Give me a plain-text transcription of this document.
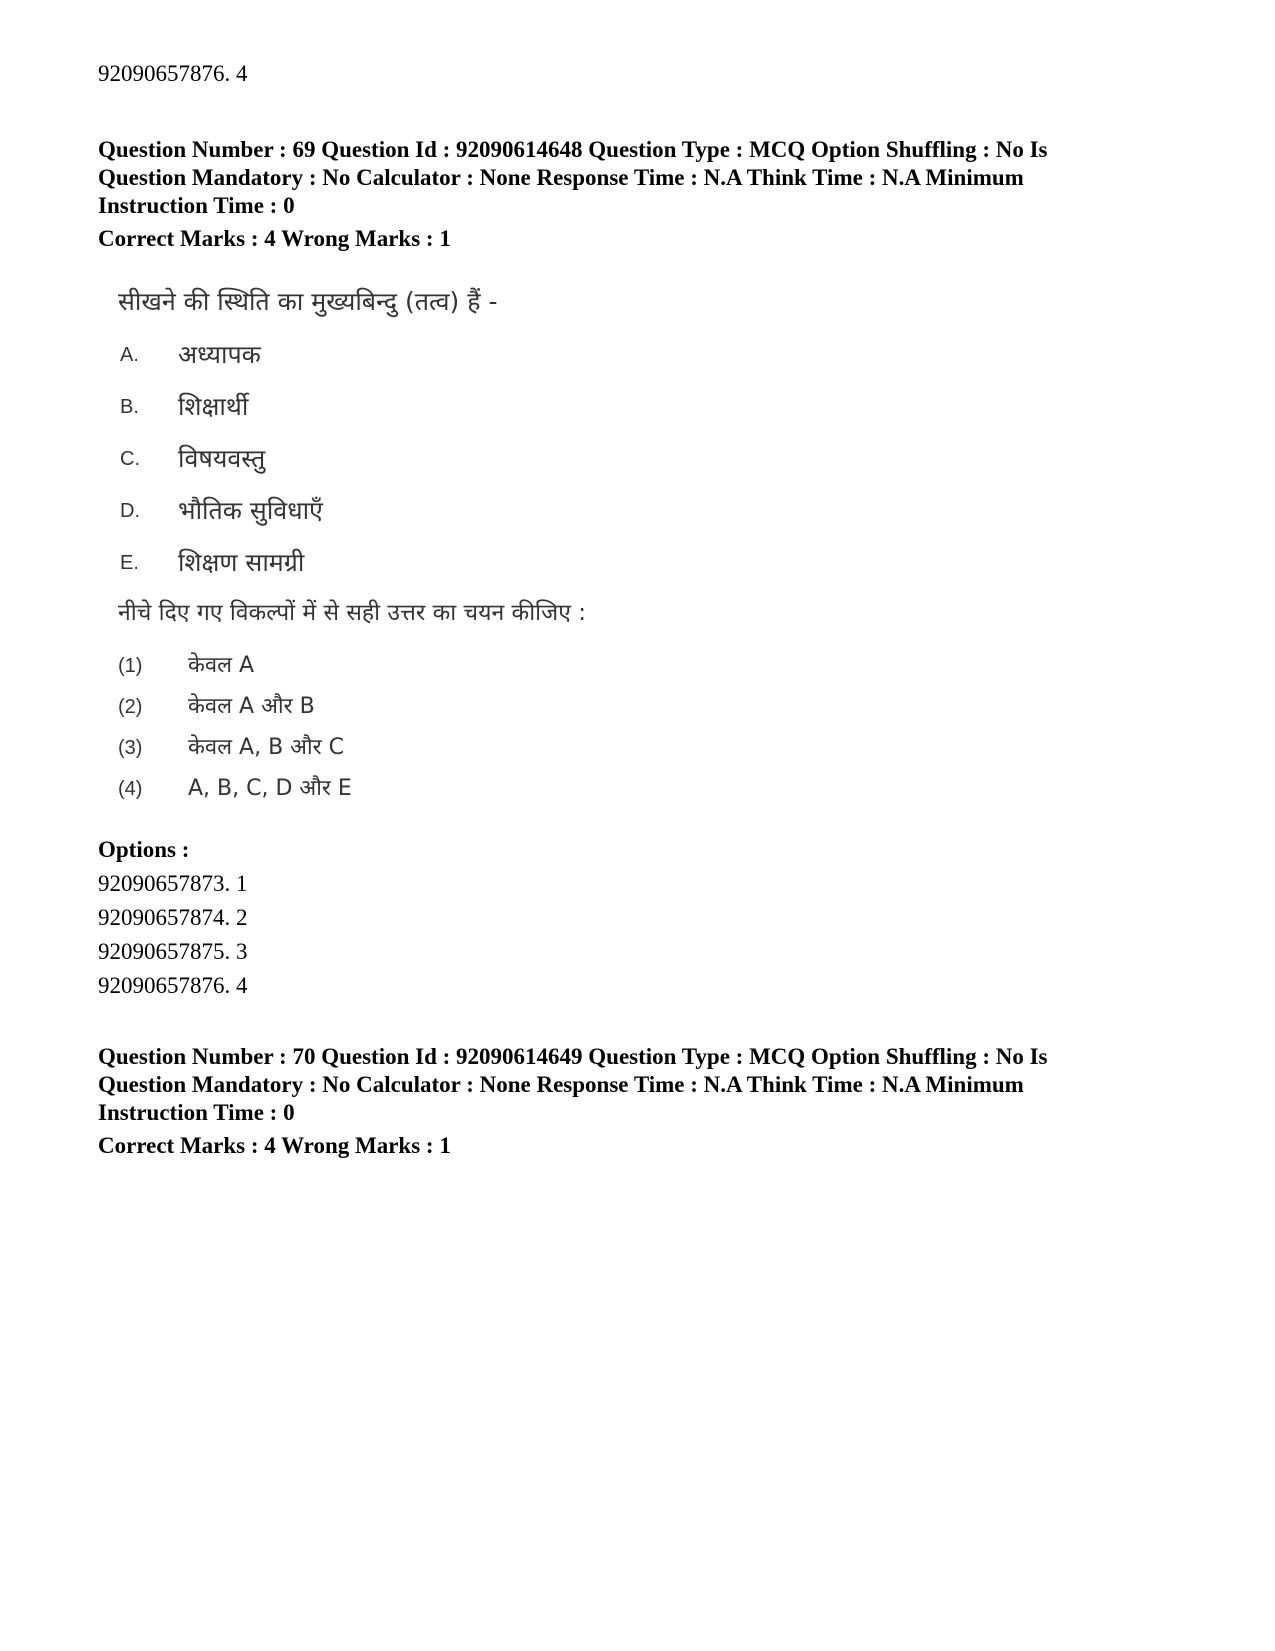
92090657876. 4
Question Number : 69 Question Id : 92090614648 Question Type : MCQ Option Shuffling : No Is
Question Mandatory : No Calculator : None Response Time : N.A Think Time : N.A Minimum
Instruction Time : 0
Correct Marks : 4 Wrong Marks : 1
सीखने की स्थिति का मुख्यबिन्दु (तत्व) हैं -
A. अध्यापक
B. शिक्षार्थी
C. विषयवस्तु
D. भौतिक सुविधाएँ
E. शिक्षण सामग्री
नीचे दिए गए विकल्पों में से सही उत्तर का चयन कीजिए :
(1) केवल A
(2) केवल A और B
(3) केवल A, B और C
(4) A, B, C, D और E
Options :
92090657873. 1
92090657874. 2
92090657875. 3
92090657876. 4
Question Number : 70 Question Id : 92090614649 Question Type : MCQ Option Shuffling : No Is
Question Mandatory : No Calculator : None Response Time : N.A Think Time : N.A Minimum
Instruction Time : 0
Correct Marks : 4 Wrong Marks : 1
